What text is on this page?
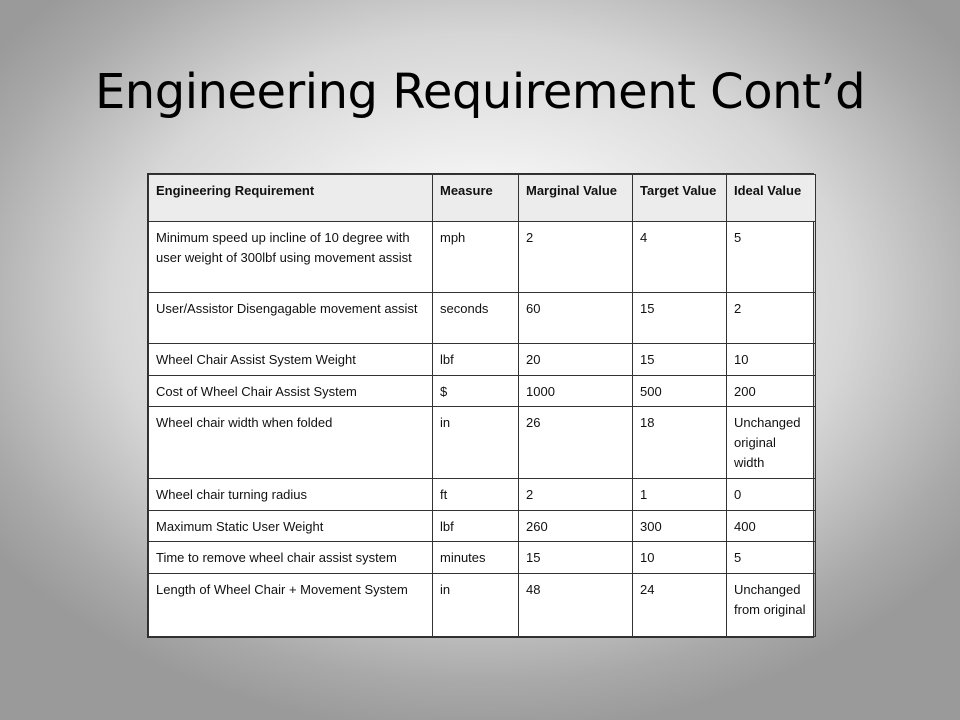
Engineering Requirement Cont’d
Engineering Requirement	Measure	Marginal Value	Target Value	Ideal Value
Minimum speed up incline of 10 degree with user weight of 300lbf using movement assist	mph	2	4	5
User/Assistor Disengagable movement assist	seconds	60	15	2
Wheel Chair Assist System Weight	lbf	20	15	10
Cost of Wheel Chair Assist System	$	1000	500	200
Wheel chair width when folded	in	26	18	Unchanged original width
Wheel chair turning radius	ft	2	1	0
Maximum Static User Weight	lbf	260	300	400
Time to remove wheel chair assist system	minutes	15	10	5
Length of Wheel Chair + Movement System	in	48	24	Unchanged from original
